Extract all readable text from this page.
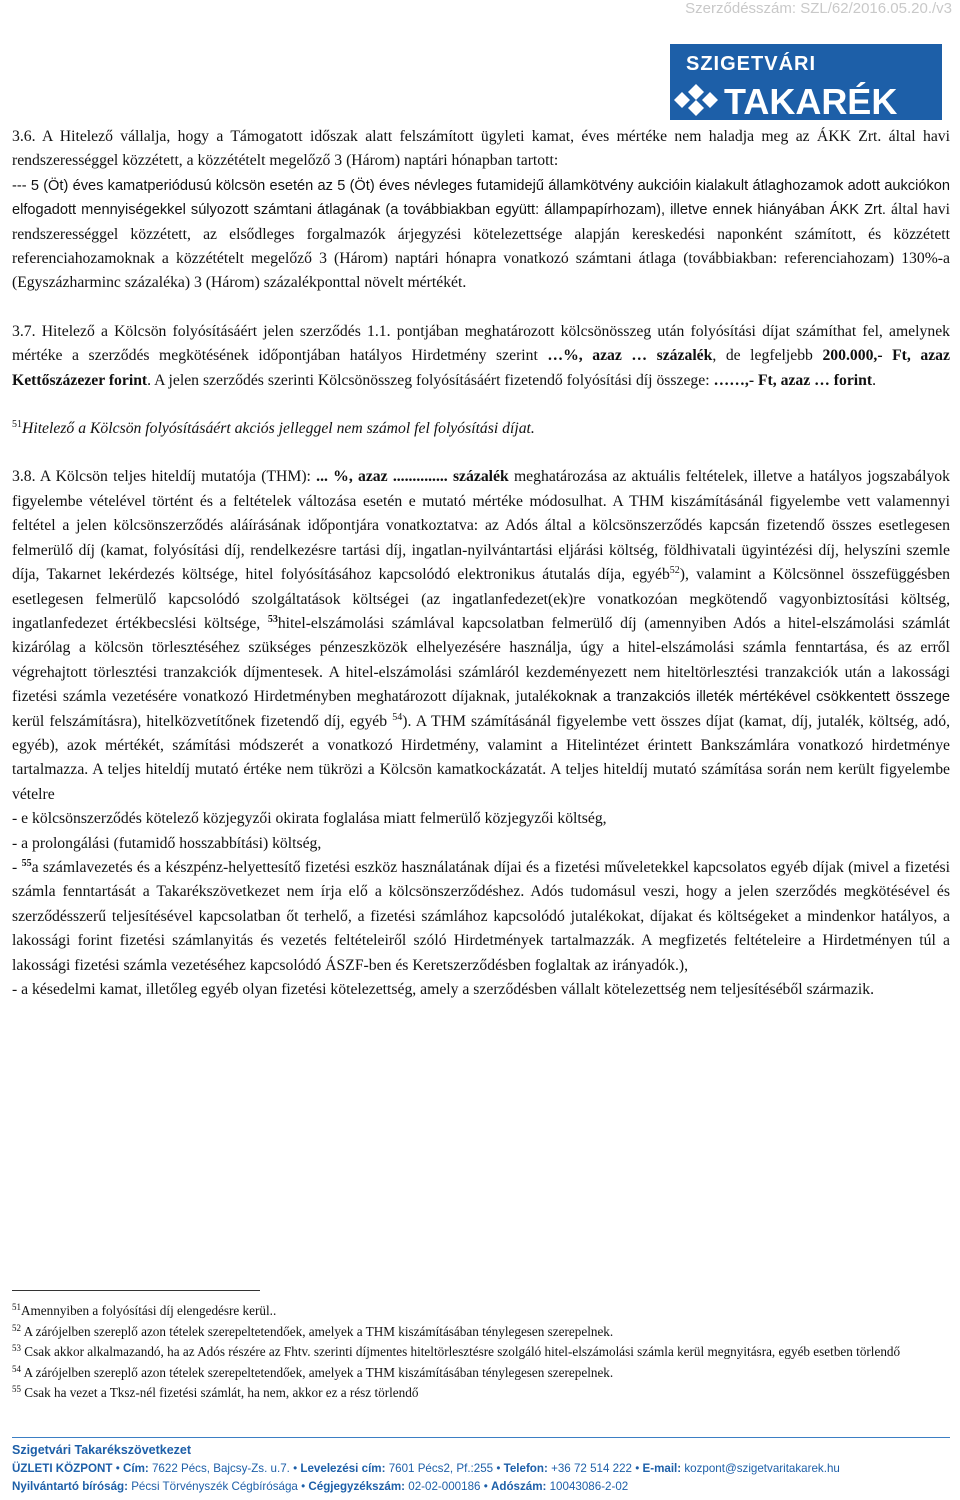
Szerződésszám: SZL/62/2016.05.20./v3
SZIGETVÁRI
TAKARÉK

3.6. A Hitelező vállalja, hogy a Támogatott időszak alatt felszámított ügyleti kamat, éves mértéke nem haladja meg az ÁKK Zrt. által havi rendszerességgel közzétett, a közzétételt megelőző 3 (Három) naptári hónapban tartott:

--- 5 (Öt) éves kamatperiódusú kölcsön esetén az 5 (Öt) éves névleges futamidejű államkötvény aukcióin kialakult átlaghozamok adott aukciókon elfogadott mennyiségekkel súlyozott számtani átlagának (a továbbiakban együtt: állampapírhozam), illetve ennek hiányában ÁKK Zrt. által havi rendszerességgel közzétett, az elsődleges forgalmazók árjegyzési kötelezettsége alapján kereskedési naponként számított, és közzétett referenciahozamoknak a közzétételt megelőző 3 (Három) naptári hónapra vonatkozó számtani átlaga (továbbiakban: referenciahozam) 130%-a (Egyszázharminc százaléka) 3 (Három) százalékponttal növelt mértékét.

3.7. Hitelező a Kölcsön folyósításáért jelen szerződés 1.1. pontjában meghatározott kölcsönösszeg után folyósítási díjat számíthat fel, amelynek mértéke a szerződés megkötésének időpontjában hatályos Hirdetmény szerint …%, azaz … százalék, de legfeljebb 200.000,- Ft, azaz Kettőszázezer forint. A jelen szerződés szerinti Kölcsönösszeg folyósításáért fizetendő folyósítási díj összege: ……,- Ft, azaz … forint.

$^{51}$Hitelező a Kölcsön folyósításáért akciós jelleggel nem számol fel folyósítási díjat.

3.8. A Kölcsön teljes hiteldíj mutatója (THM): ... %, azaz .............. százalék meghatározása az aktuális feltételek, illetve a hatályos jogszabályok figyelembe vételével történt és a feltételek változása esetén e mutató mértéke módosulhat. A THM kiszámításánál figyelembe vett valamennyi feltétel a jelen kölcsönszerződés aláírásának időpontjára vonatkoztatva: az Adós által a kölcsönszerződés kapcsán fizetendő összes esetlegesen felmerülő díj (kamat, folyósítási díj, rendelkezésre tartási díj, ingatlan-nyilvántartási eljárási költség, földhivatali ügyintézési díj, helyszíni szemle díja, Takarnet lekérdezés költsége, hitel folyósításához kapcsolódó elektronikus átutalás díja, egyéb$^{52}$), valamint a Kölcsönnel összefüggésben esetlegesen felmerülő kapcsolódó szolgáltatások költségei (az ingatlanfedezet(ek)re vonatkozóan megkötendő vagyonbiztosítási költség, ingatlanfedezet értékbecslési költsége, $^{53}$hitel-elszámolási számlával kapcsolatban felmerülő díj (amennyiben Adós a hitel-elszámolási számlát kizárólag a kölcsön törlesztéséhez szükséges pénzeszközök elhelyezésére használja, úgy a hitel-elszámolási számla fenntartása, és az erről végrehajtott törlesztési tranzakciók díjmentesek. A hitel-elszámolási számláról kezdeményezett nem hiteltörlesztési tranzakciók után a lakossági fizetési számla vezetésére vonatkozó Hirdetményben meghatározott díjaknak, jutalékoknak a tranzakciós illeték mértékével csökkentett összege kerül felszámításra), hitelközvetítőnek fizetendő díj, egyéb $^{54}$). A THM számításánál figyelembe vett összes díjat (kamat, díj, jutalék, költség, adó, egyéb), azok mértékét, számítási módszerét a vonatkozó Hirdetmény, valamint a Hitelintézet érintett Bankszámlára vonatkozó hirdetménye tartalmazza. A teljes hiteldíj mutató értéke nem tükrözi a Kölcsön kamatkockázatát. A teljes hiteldíj mutató számítása során nem került figyelembe vételre

- e kölcsönszerződés kötelező közjegyzői okirata foglalása miatt felmerülő közjegyzői költség,

- a prolongálási (futamidő hosszabbítási) költség,

- $^{55}$a számlavezetés és a készpénz-helyettesítő fizetési eszköz használatának díjai és a fizetési műveletekkel kapcsolatos egyéb díjak (mivel a fizetési számla fenntartását a Takarékszövetkezet nem írja elő a kölcsönszerződéshez. Adós tudomásul veszi, hogy a jelen szerződés megkötésével és szerződésszerű teljesítésével kapcsolatban őt terhelő, a fizetési számlához kapcsolódó jutalékokat, díjakat és költségeket a mindenkor hatályos, a lakossági forint fizetési számlanyitás és vezetés feltételeiről szóló Hirdetmények tartalmazzák. A megfizetés feltételeire a Hirdetményen túl a lakossági fizetési számla vezetéséhez kapcsolódó ÁSZF-ben és Keretszerződésben foglaltak az irányadók.),

- a késedelmi kamat, illetőleg egyéb olyan fizetési kötelezettség, amely a szerződésben vállalt kötelezettség nem teljesítéséből származik.

$^{51}$Amennyiben a folyósítási díj elengedésre kerül..

$^{52}$ A zárójelben szereplő azon tételek szerepeltetendőek, amelyek a THM kiszámításában ténylegesen szerepelnek.

$^{53}$ Csak akkor alkalmazandó, ha az Adós részére az Fhtv. szerinti díjmentes hiteltörlesztésre szolgáló hitel-elszámolási számla kerül megnyitásra, egyéb esetben törlendő

$^{54}$ A zárójelben szereplő azon tételek szerepeltetendőek, amelyek a THM kiszámításában ténylegesen szerepelnek.

$^{55}$ Csak ha vezet a Tksz-nél fizetési számlát, ha nem, akkor ez a rész törlendő

Szigetvári Takarékszövetkezet
ÜZLETI KÖZPONT • Cím: 7622 Pécs, Bajcsy-Zs. u.7. • Levelezési cím: 7601 Pécs2, Pf.:255 • Telefon: +36 72 514 222 • E-mail: kozpont@szigetvaritakarek.hu
Nyilvántartó bíróság: Pécsi Törvényszék Cégbírósága • Cégjegyzékszám: 02-02-000186 • Adószám: 10043086-2-02
